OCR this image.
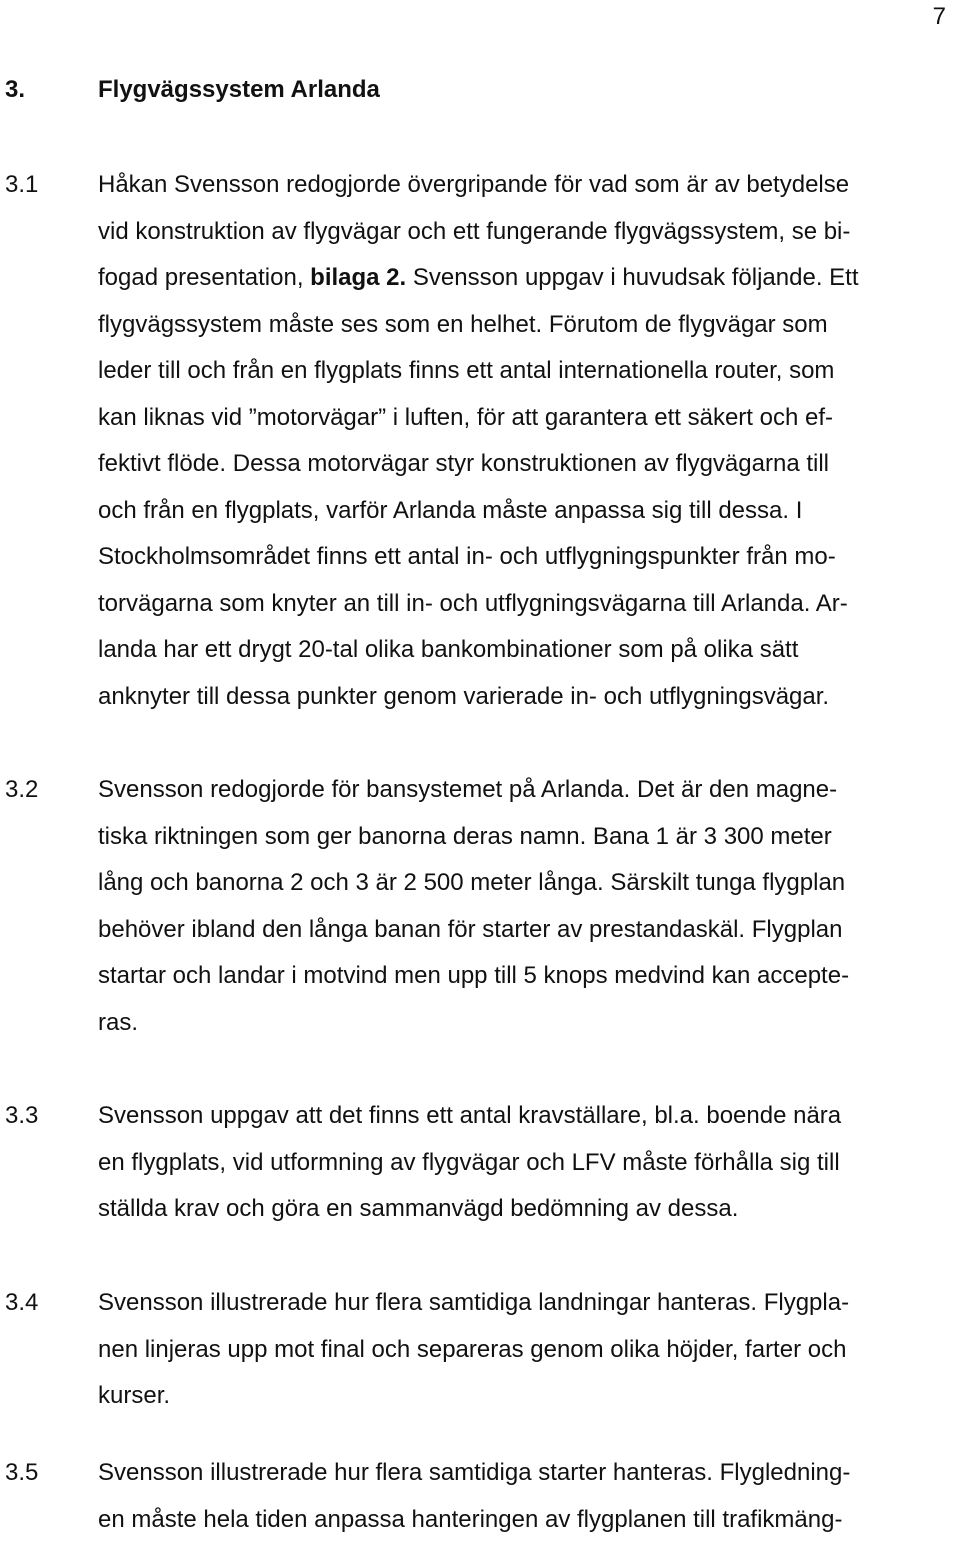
7
3.	Flygvägssystem Arlanda
3.1 Håkan Svensson redogjorde övergripande för vad som är av betydelse
vid konstruktion av flygvägar och ett fungerande flygvägssystem, se bi-
fogad presentation, bilaga 2. Svensson uppgav i huvudsak följande. Ett
flygvägssystem måste ses som en helhet. Förutom de flygvägar som
leder till och från en flygplats finns ett antal internationella router, som
kan liknas vid ”motorvägar” i luften, för att garantera ett säkert och ef-
fektivt flöde. Dessa motorvägar styr konstruktionen av flygvägarna till
och från en flygplats, varför Arlanda måste anpassa sig till dessa. I
Stockholmsområdet finns ett antal in- och utflygningspunkter från mo-
torvägarna som knyter an till in- och utflygningsvägarna till Arlanda. Ar-
landa har ett drygt 20-tal olika bankombinationer som på olika sätt
anknyter till dessa punkter genom varierade in- och utflygningsvägar.
3.2 Svensson redogjorde för bansystemet på Arlanda. Det är den magne-
tiska riktningen som ger banorna deras namn. Bana 1 är 3 300 meter
lång och banorna 2 och 3 är 2 500 meter långa. Särskilt tunga flygplan
behöver ibland den långa banan för starter av prestandaskäl. Flygplan
startar och landar i motvind men upp till 5 knops medvind kan accepte-
ras.
3.3 Svensson uppgav att det finns ett antal kravställare, bl.a. boende nära
en flygplats, vid utformning av flygvägar och LFV måste förhålla sig till
ställda krav och göra en sammanvägd bedömning av dessa.
3.4 Svensson illustrerade hur flera samtidiga landningar hanteras. Flygpla-
nen linjeras upp mot final och separeras genom olika höjder, farter och
kurser.
3.5 Svensson illustrerade hur flera samtidiga starter hanteras. Flygledning-
en måste hela tiden anpassa hanteringen av flygplanen till trafikmäng-
